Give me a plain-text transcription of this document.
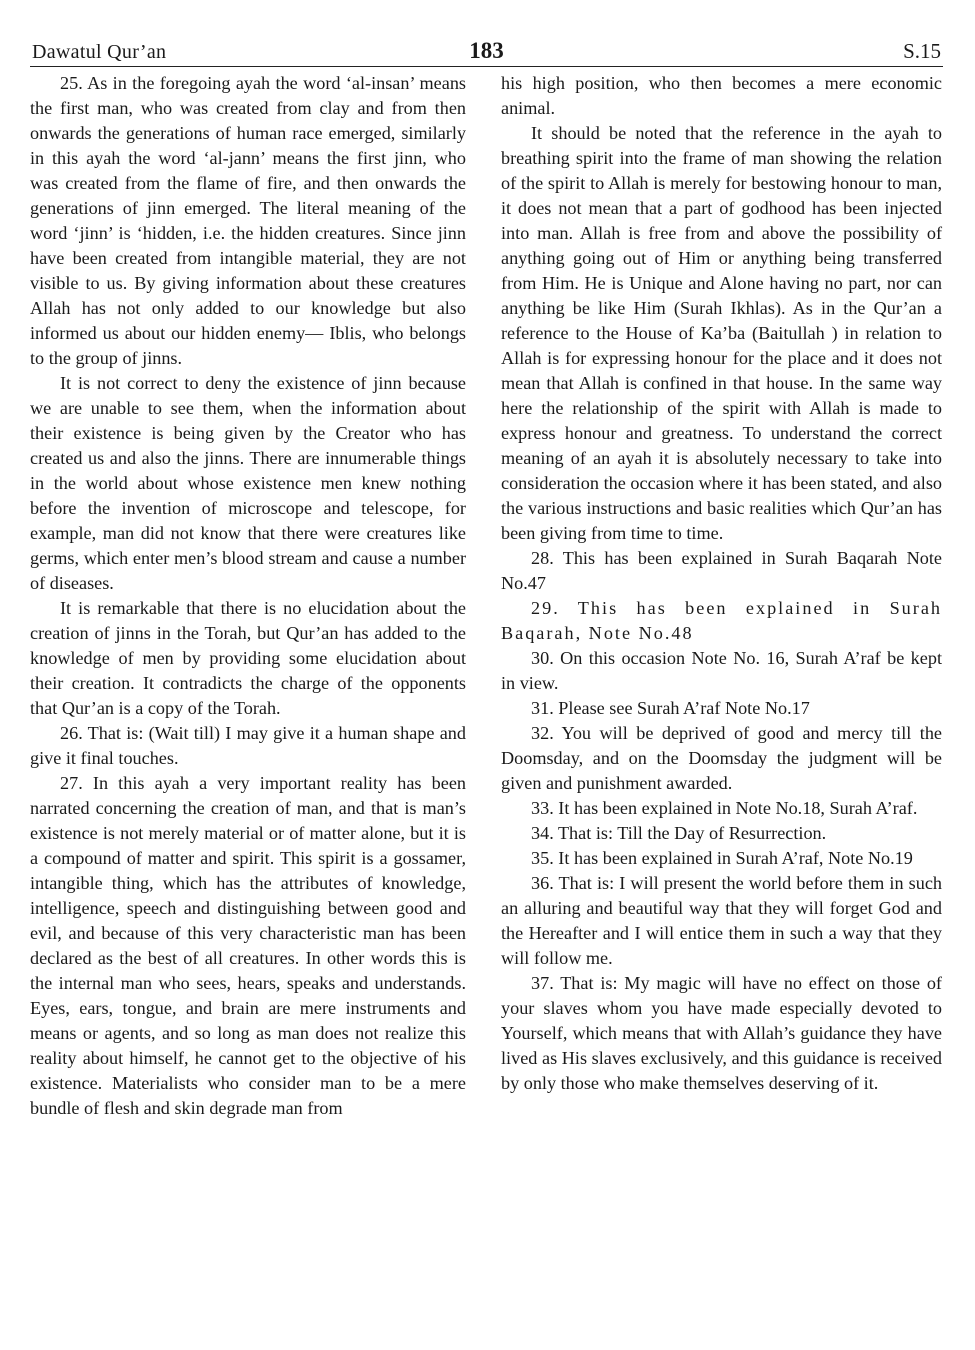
Dawatul Qur’an	183	S.15

25. As in the foregoing ayah the word ‘al-insan’ means the first man, who was created from clay and from then onwards the generations of human race emerged, similarly in this ayah the word ‘al-jann’ means the first jinn, who was created from the flame of fire, and then onwards the generations of jinn emerged. The literal meaning of the word ‘jinn’ is ‘hidden, i.e. the hidden creatures. Since jinn have been created from intangible material, they are not visible to us. By giving information about these creatures Allah has not only added to our knowledge but also informed us about our hidden enemy— Iblis, who belongs to the group of jinns.

It is not correct to deny the existence of jinn because we are unable to see them, when the information about their existence is being given by the Creator who has created us and also the jinns. There are innumerable things in the world about whose existence men knew nothing before the invention of microscope and telescope, for example, man did not know that there were creatures like germs, which enter men’s blood stream and cause a number of diseases.

It is remarkable that there is no elucidation about the creation of jinns in the Torah, but Qur’an has added to the knowledge of men by providing some elucidation about their creation. It contradicts the charge of the opponents that Qur’an is a copy of the Torah.

26. That is: (Wait till) I may give it a human shape and give it final touches.

27. In this ayah a very important reality has been narrated concerning the creation of man, and that is man’s existence is not merely material or of matter alone, but it is a compound of matter and spirit. This spirit is a gossamer, intangible thing, which has the attributes of knowledge, intelligence, speech and distinguishing between good and evil, and because of this very characteristic man has been declared as the best of all creatures. In other words this is the internal man who sees, hears, speaks and understands. Eyes, ears, tongue, and brain are mere instruments and means or agents, and so long as man does not realize this reality about himself, he cannot get to the objective of his existence. Materialists who consider man to be a mere bundle of flesh and skin degrade man from

his high position, who then becomes a mere economic animal.

It should be noted that the reference in the ayah to breathing spirit into the frame of man showing the relation of the spirit to Allah is merely for bestowing honour to man, it does not mean that a part of godhood has been injected into man. Allah is free from and above the possibility of anything going out of Him or anything being transferred from Him. He is Unique and Alone having no part, nor can anything be like Him (Surah Ikhlas). As in the Qur’an a reference to the House of Ka’ba (Baitullah ) in relation to Allah is for expressing honour for the place and it does not mean that Allah is confined in that house. In the same way here the relationship of the spirit with Allah is made to express honour and greatness. To understand the correct meaning of an ayah it is absolutely necessary to take into consideration the occasion where it has been stated, and also the various instructions and basic realities which Qur’an has been giving from time to time.

28. This has been explained in Surah Baqarah Note No.47

29. This has been explained in Surah Baqarah, Note No.48

30. On this occasion Note No. 16, Surah A’raf be kept in view.

31. Please see Surah A’raf Note No.17

32. You will be deprived of good and mercy till the Doomsday, and on the Doomsday the judgment will be given and punishment awarded.

33. It has been explained in Note No.18, Surah A’raf.

34. That is: Till the Day of Resurrection.

35. It has been explained in Surah A’raf, Note No.19

36. That is: I will present the world before them in such an alluring and beautiful way that they will forget God and the Hereafter and I will entice them in such a way that they will follow me.

37. That is: My magic will have no effect on those of your slaves whom you have made especially devoted to Yourself, which means that with Allah’s guidance they have lived as His slaves exclusively, and this guidance is received by only those who make themselves deserving of it.
